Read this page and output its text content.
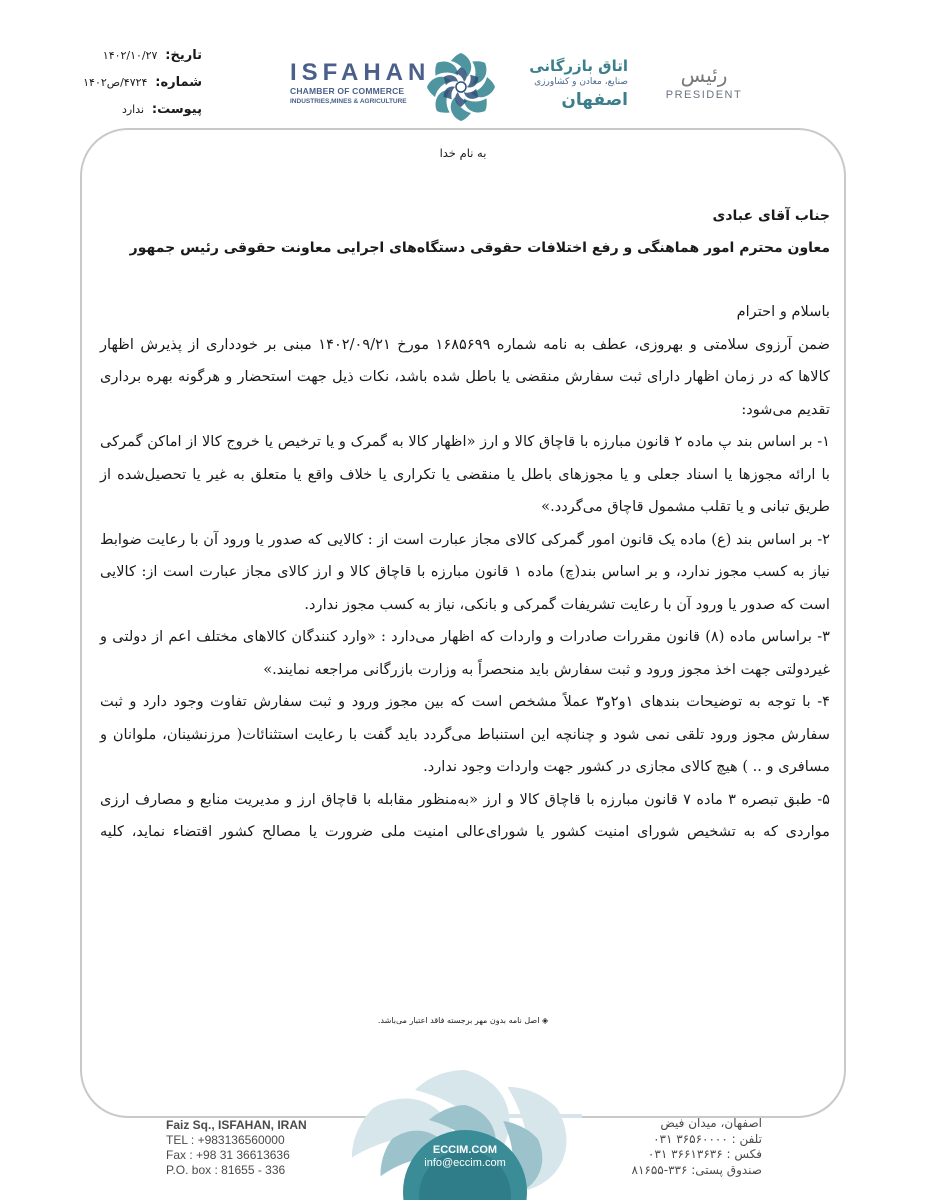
تاریخ: ۱۴۰۲/۱۰/۲۷
شماره: ۴۷۲۴/ص۱۴۰۲
پیوست: ندارد
ISFAHAN
CHAMBER OF COMMERCE
INDUSTRIES,MINES & AGRICULTURE
اتاق بازرگانی
صنایع، معادن و کشاورزی
اصفهان
رئیس
PRESIDENT
به نام خدا
جناب آقای عبادی
معاون محترم امور هماهنگی و رفع اختلافات حقوقی دستگاه‌های اجرایی معاونت حقوقی رئیس جمهور

باسلام و احترام

ضمن آرزوی سلامتی و بهروزی، عطف به نامه شماره ۱۶۸۵۶۹۹ مورخ ۱۴۰۲/۰۹/۲۱ مبنی بر خودداری از پذیرش اظهار کالاها که در زمان اظهار دارای ثبت سفارش منقضی یا باطل شده باشد، نکات ذیل جهت استحضار و هرگونه بهره برداری تقدیم می‌شود:

۱- بر اساس بند پ ماده ۲ قانون مبارزه با قاچاق کالا و ارز «اظهار کالا به گمرک و یا ترخیص یا خروج کالا از اماکن گمرکی با ارائه مجوزها یا اسناد جعلی و یا مجوزهای باطل یا منقضی یا تکراری یا خلاف واقع یا متعلق به غیر یا تحصیل‌شده از طریق تبانی و یا تقلب مشمول قاچاق می‌گردد.»

۲- بر اساس بند (ع) ماده یک قانون امور گمرکی کالای مجاز عبارت است از : کالایی که صدور یا ورود آن با رعایت ضوابط نیاز به کسب مجوز ندارد، و بر اساس بند(چ) ماده ۱ قانون مبارزه با قاچاق کالا و ارز کالای مجاز عبارت است از: کالایی است که صدور یا ورود آن با رعایت تشریفات گمرکی و بانکی، نیاز به کسب مجوز ندارد.

۳- براساس ماده (۸) قانون مقررات صادرات و واردات که اظهار می‌دارد : «وارد کنندگان کالاهای مختلف اعم از دولتی و غیردولتی جهت اخذ مجوز ورود و ثبت سفارش باید منحصراً به وزارت بازرگانی مراجعه نمایند.»

۴- با توجه به توضیحات بندهای ۱و۲و۳ عملاً مشخص است که بین مجوز ورود و ثبت سفارش تفاوت وجود دارد و ثبت سفارش مجوز ورود تلقی نمی شود و چنانچه این استنباط می‌گردد باید گفت با رعایت استثنائات( مرزنشینان، ملوانان و مسافری و .. ) هیچ کالای مجازی در کشور جهت واردات وجود ندارد.

۵- طبق تبصره ۳ ماده ۷ قانون مبارزه با قاچاق کالا و ارز «به‌منظور مقابله با قاچاق ارز و مدیریت منابع و مصارف ارزی

مواردی که به تشخیص شورای امنیت کشور یا شورای‌عالی امنیت ملی ضرورت یا مصالح کشور اقتضاء نماید، کلیه

◈ اصل نامه بدون مهر برجسته فاقد اعتبار می‌باشد.
ECCIM.COM
info@eccim.com
Faiz Sq., ISFAHAN, IRAN
TEL : +983136560000
Fax : +98 31 36613636
P.O. box : 81655 - 336
اصفهان، میدان فیض
تلفن : ۳۶۵۶۰۰۰۰ ۰۳۱
فکس : ۳۶۶۱۳۶۳۶ ۰۳۱
صندوق پستی: ۳۳۶-۸۱۶۵۵
